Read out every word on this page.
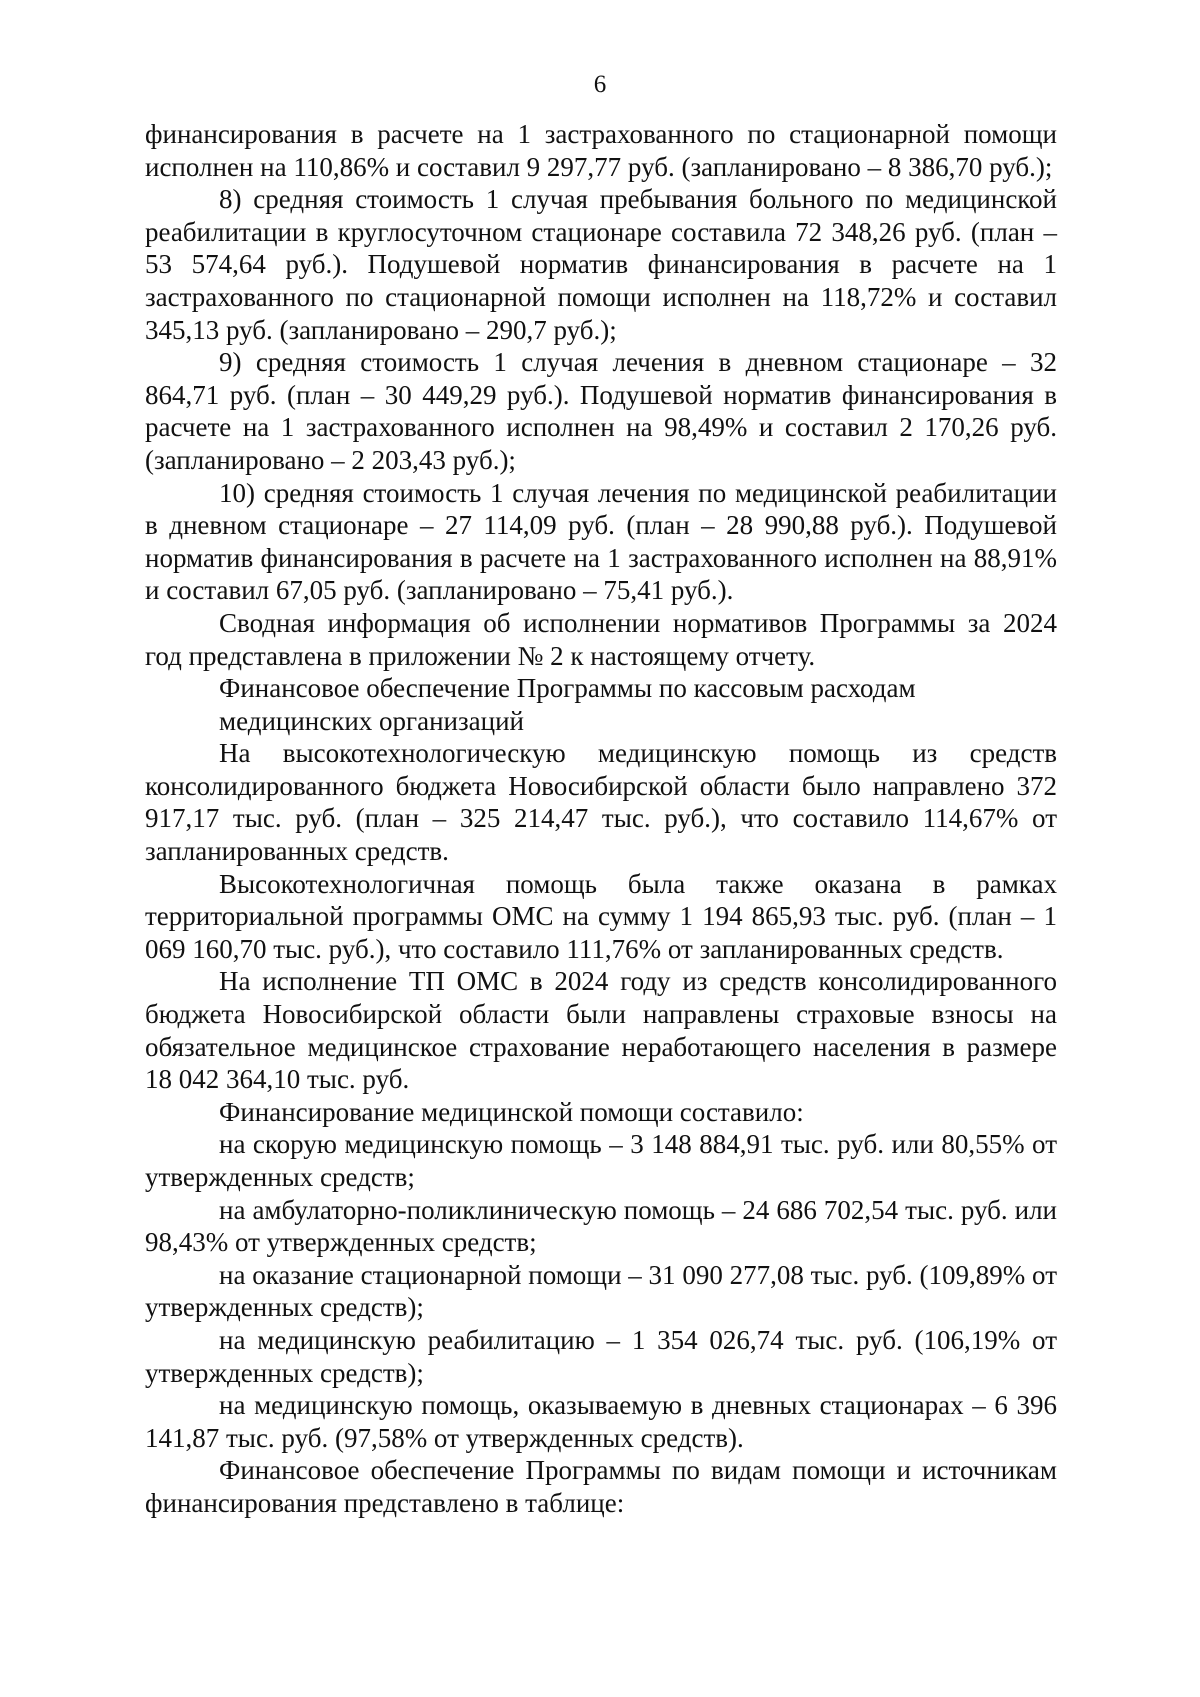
6

финансирования в расчете на 1 застрахованного по стационарной помощи исполнен на 110,86% и составил 9 297,77 руб. (запланировано – 8 386,70 руб.);

8) средняя стоимость 1 случая пребывания больного по медицинской реабилитации в круглосуточном стационаре составила 72 348,26 руб. (план – 53 574,64 руб.). Подушевой норматив финансирования в расчете на 1 застрахованного по стационарной помощи исполнен на 118,72% и составил 345,13 руб. (запланировано – 290,7 руб.);

9) средняя стоимость 1 случая лечения в дневном стационаре – 32 864,71 руб. (план – 30 449,29 руб.). Подушевой норматив финансирования в расчете на 1 застрахованного исполнен на 98,49% и составил 2 170,26 руб. (запланировано – 2 203,43 руб.);

10) средняя стоимость 1 случая лечения по медицинской реабилитации в дневном стационаре – 27 114,09 руб. (план – 28 990,88 руб.). Подушевой норматив финансирования в расчете на 1 застрахованного исполнен на 88,91% и составил 67,05 руб. (запланировано – 75,41 руб.).

Сводная информация об исполнении нормативов Программы за 2024 год представлена в приложении № 2 к настоящему отчету.

Финансовое обеспечение Программы по кассовым расходам
медицинских организаций

На высокотехнологическую медицинскую помощь из средств консолидированного бюджета Новосибирской области было направлено 372 917,17 тыс. руб. (план – 325 214,47 тыс. руб.), что составило 114,67% от запланированных средств.

Высокотехнологичная помощь была также оказана в рамках территориальной программы ОМС на сумму 1 194 865,93 тыс. руб. (план – 1 069 160,70 тыс. руб.), что составило 111,76% от запланированных средств.

На исполнение ТП ОМС в 2024 году из средств консолидированного бюджета Новосибирской области были направлены страховые взносы на обязательное медицинское страхование неработающего населения в размере 18 042 364,10 тыс. руб.

Финансирование медицинской помощи составило:

на скорую медицинскую помощь – 3 148 884,91 тыс. руб. или 80,55% от утвержденных средств;

на амбулаторно-поликлиническую помощь – 24 686 702,54 тыс. руб. или 98,43% от утвержденных средств;

на оказание стационарной помощи – 31 090 277,08 тыс. руб. (109,89% от утвержденных средств);

на медицинскую реабилитацию – 1 354 026,74 тыс. руб. (106,19% от утвержденных средств);

на медицинскую помощь, оказываемую в дневных стационарах – 6 396 141,87 тыс. руб. (97,58% от утвержденных средств).

Финансовое обеспечение Программы по видам помощи и источникам финансирования представлено в таблице:
